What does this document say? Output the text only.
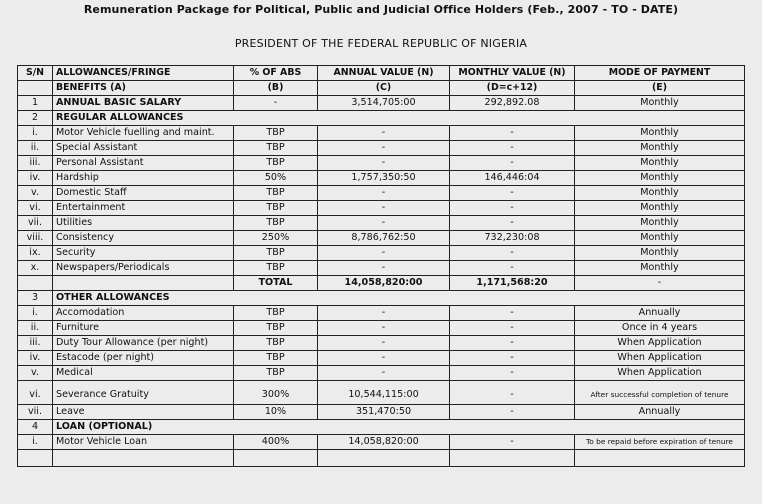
Remuneration Package for Political, Public and Judicial Office Holders (Feb., 2007 - TO - DATE)
PRESIDENT OF THE FEDERAL REPUBLIC OF NIGERIA
S/N	ALLOWANCES/FRINGE	% OF ABS	ANNUAL VALUE (N)	MONTHLY VALUE (N)	MODE OF PAYMENT
	BENEFITS (A)	(B)	(C)	(D=c+12)	(E)
1	ANNUAL BASIC SALARY	-	3,514,705:00	292,892.08	Monthly
2	REGULAR ALLOWANCES				
i.	Motor Vehicle fuelling and maint.	TBP	-	-	Monthly
ii.	Special Assistant	TBP	-	-	Monthly
iii.	Personal Assistant	TBP	-	-	Monthly
iv.	Hardship	50%	1,757,350:50	146,446:04	Monthly
v.	Domestic Staff	TBP	-	-	Monthly
vi.	Entertainment	TBP	-	-	Monthly
vii.	Utilities	TBP	-	-	Monthly
viii.	Consistency	250%	8,786,762:50	732,230:08	Monthly
ix.	Security	TBP	-	-	Monthly
x.	Newspapers/Periodicals	TBP	-	-	Monthly
		TOTAL	14,058,820:00	1,171,568:20	-
3	OTHER ALLOWANCES				
i.	Accomodation	TBP	-	-	Annually
ii.	Furniture	TBP	-	-	Once in 4 years
iii.	Duty Tour Allowance (per night)	TBP	-	-	When Application
iv.	Estacode (per night)	TBP	-	-	When Application
v.	Medical	TBP	-	-	When Application
vi.	Severance Gratuity	300%	10,544,115:00	-	After successful completion of tenure
vii.	Leave	10%	351,470:50	-	Annually
4	LOAN (OPTIONAL)				
i.	Motor Vehicle Loan	400%	14,058,820:00	-	To be repaid before expiration of tenure
